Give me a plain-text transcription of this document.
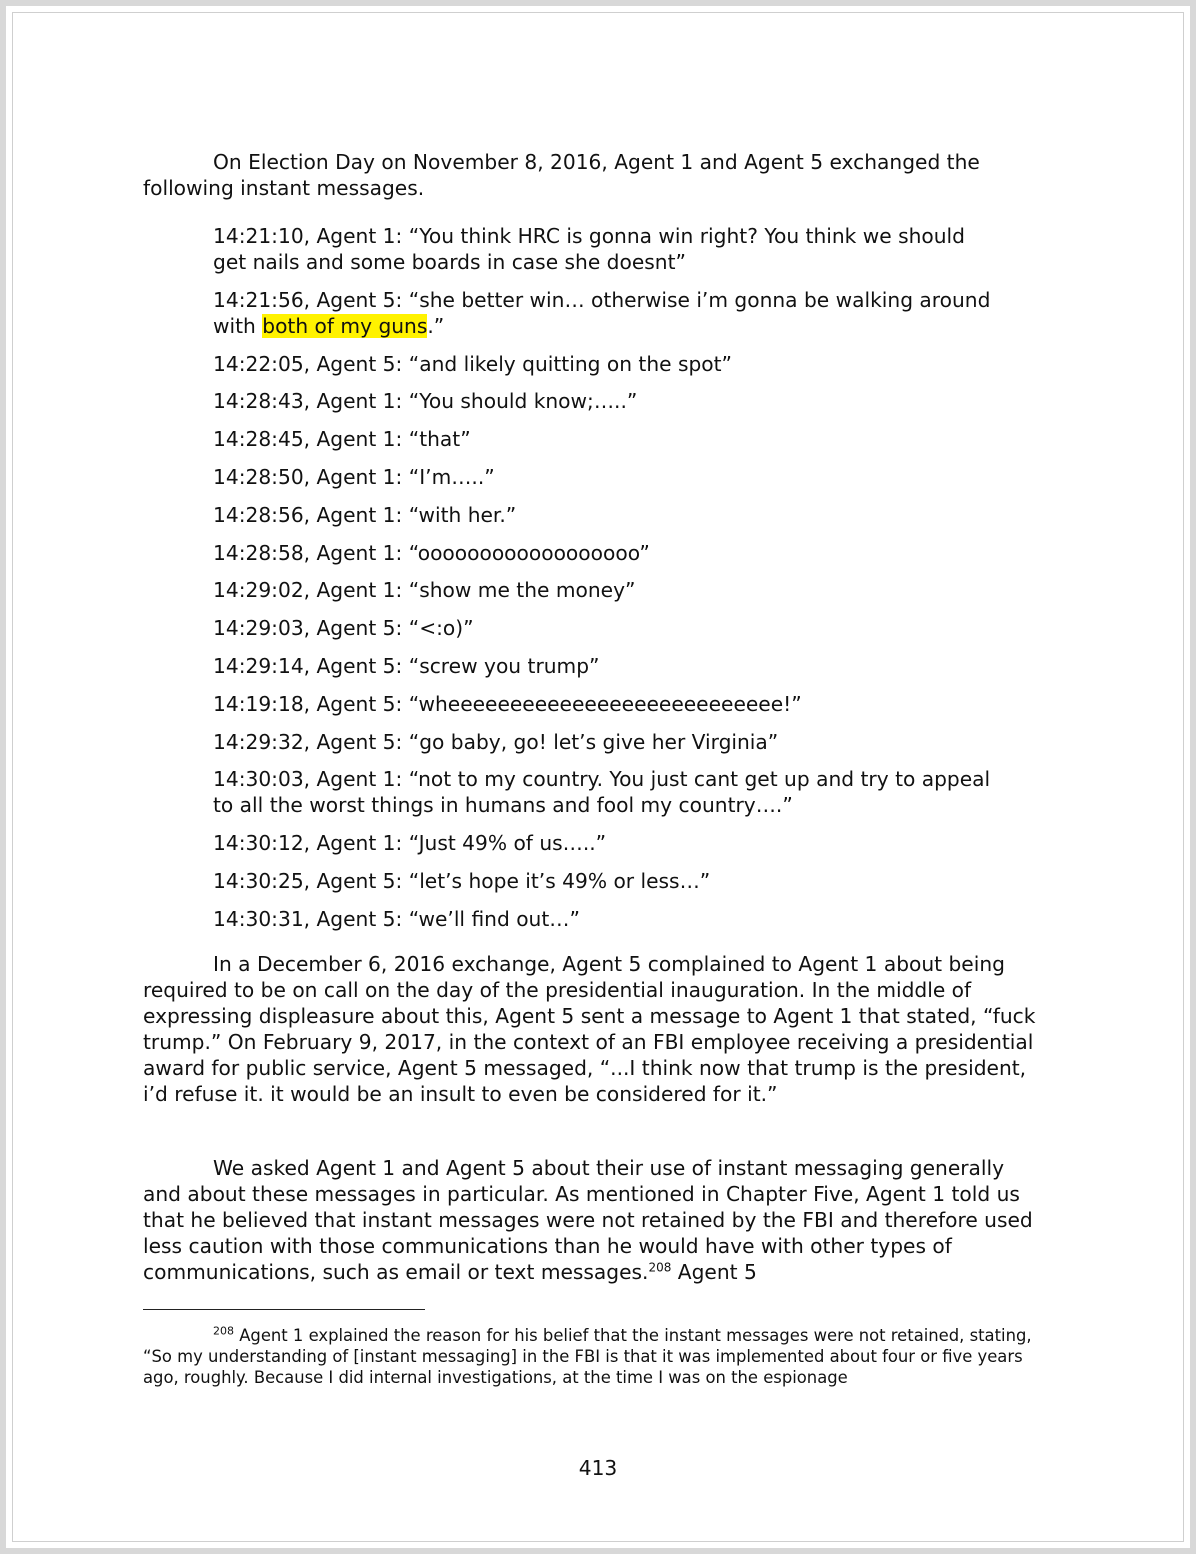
On Election Day on November 8, 2016, Agent 1 and Agent 5 exchanged the following instant messages.

14:21:10, Agent 1: “You think HRC is gonna win right? You think we should get nails and some boards in case she doesnt”
14:21:56, Agent 5: “she better win… otherwise i’m gonna be walking around with both of my guns.”
14:22:05, Agent 5: “and likely quitting on the spot”
14:28:43, Agent 1: “You should know;…..”
14:28:45, Agent 1: “that”
14:28:50, Agent 1: “I’m…..”
14:28:56, Agent 1: “with her.”
14:28:58, Agent 1: “oooooooooooooooooo”
14:29:02, Agent 1: “show me the money”
14:29:03, Agent 5: “<:o)”
14:29:14, Agent 5: “screw you trump”
14:19:18, Agent 5: “wheeeeeeeeeeeeeeeeeeeeeeeeeee!”
14:29:32, Agent 5: “go baby, go! let’s give her Virginia”
14:30:03, Agent 1: “not to my country. You just cant get up and try to appeal to all the worst things in humans and fool my country….”
14:30:12, Agent 1: “Just 49% of us…..”
14:30:25, Agent 5: “let’s hope it’s 49% or less…”
14:30:31, Agent 5: “we’ll find out…”

In a December 6, 2016 exchange, Agent 5 complained to Agent 1 about being required to be on call on the day of the presidential inauguration. In the middle of expressing displeasure about this, Agent 5 sent a message to Agent 1 that stated, “fuck trump.” On February 9, 2017, in the context of an FBI employee receiving a presidential award for public service, Agent 5 messaged, “...I think now that trump is the president, i’d refuse it. it would be an insult to even be considered for it.”

We asked Agent 1 and Agent 5 about their use of instant messaging generally and about these messages in particular. As mentioned in Chapter Five, Agent 1 told us that he believed that instant messages were not retained by the FBI and therefore used less caution with those communications than he would have with other types of communications, such as email or text messages.$^{208}$ Agent 5

$^{208}$ Agent 1 explained the reason for his belief that the instant messages were not retained, stating, “So my understanding of [instant messaging] in the FBI is that it was implemented about four or five years ago, roughly. Because I did internal investigations, at the time I was on the espionage

413
